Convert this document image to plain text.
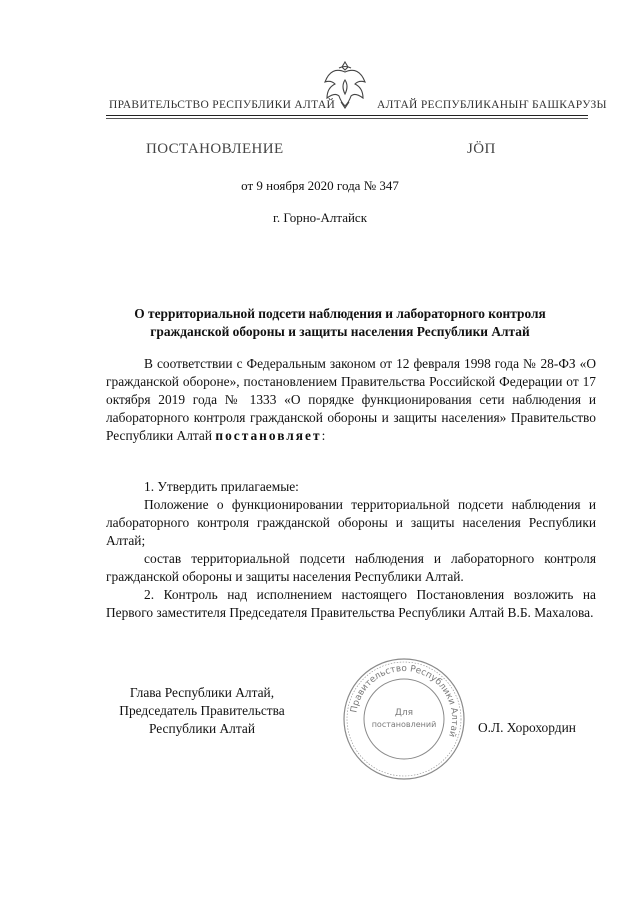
ПРАВИТЕЛЬСТВО РЕСПУБЛИКИ АЛТАЙ	АЛТАЙ РЕСПУБЛИКАНЫҤ БАШКАРУЗЫ
ПОСТАНОВЛЕНИЕ	JӦП
от 9 ноября 2020 года № 347
г. Горно-Алтайск
О территориальной подсети наблюдения и лабораторного контроля
гражданской обороны и защиты населения Республики Алтай
В соответствии с Федеральным законом от 12 февраля 1998 года № 28-ФЗ «О гражданской обороне», постановлением Правительства Российской Федерации от 17 октября 2019 года № 1333 «О порядке функционирования сети наблюдения и лабораторного контроля гражданской обороны и защиты населения» Правительство Республики Алтай постановляет:
1. Утвердить прилагаемые:
Положение о функционировании территориальной подсети наблюдения и лабораторного контроля гражданской обороны и защиты населения Республики Алтай;
состав территориальной подсети наблюдения и лабораторного контроля гражданской обороны и защиты населения Республики Алтай.
2. Контроль над исполнением настоящего Постановления возложить на Первого заместителя Председателя Правительства Республики Алтай В.Б. Махалова.
Глава Республики Алтай,
Председатель Правительства
Республики Алтай	О.Л. Хорохордин
Правительство Республики Алтай
Для
постановлений
